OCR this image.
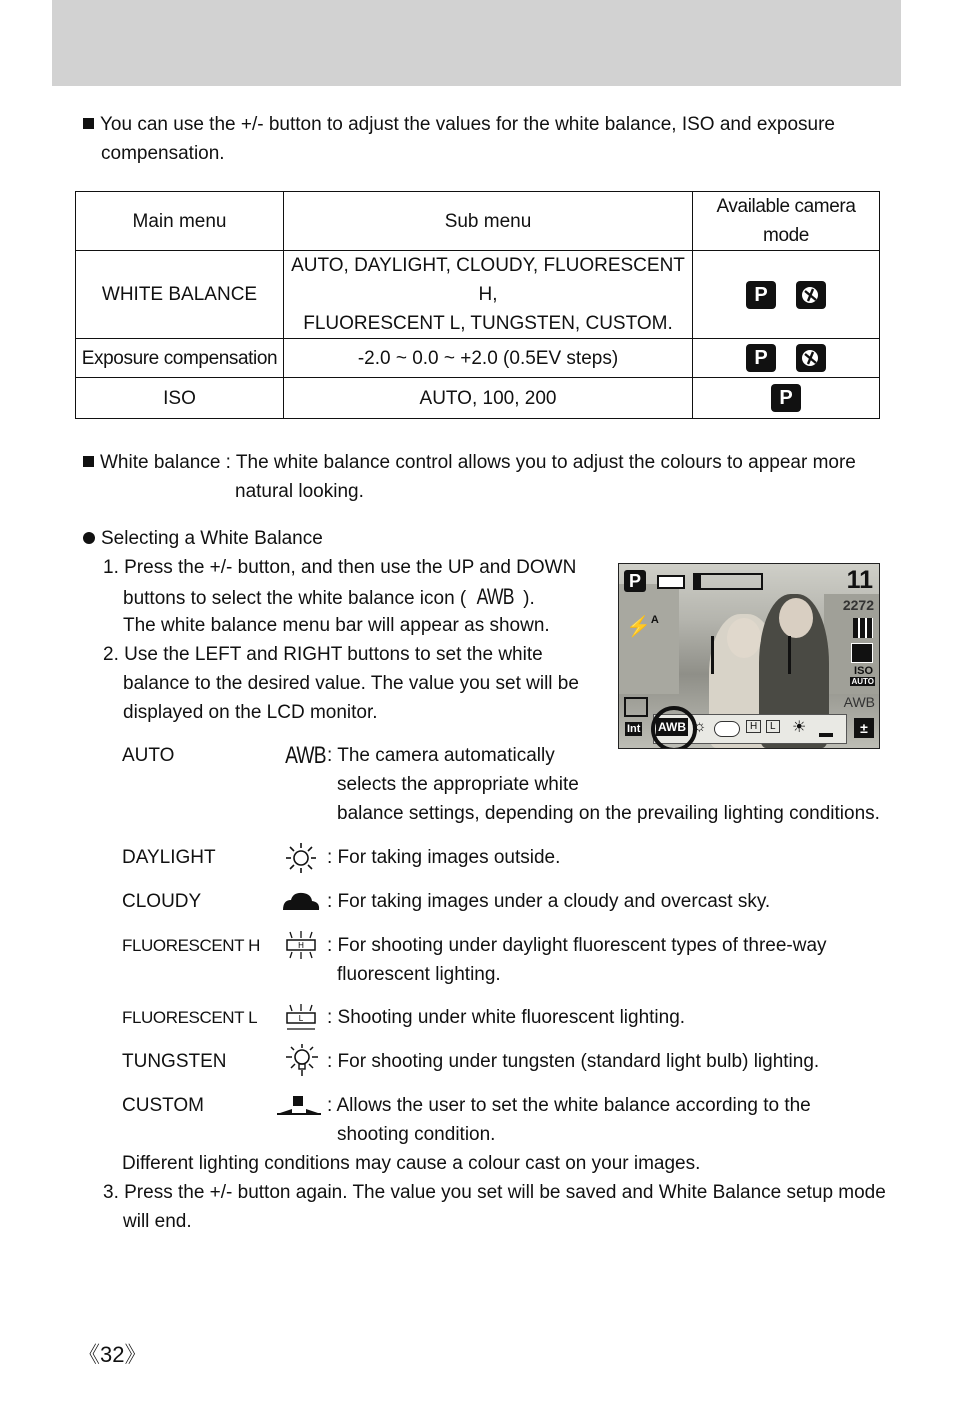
You can use the +/- button to adjust the values for the white balance, ISO and exposure
compensation.
Main menu	Sub menu	Available camera mode
WHITE BALANCE	AUTO, DAYLIGHT, CLOUDY, FLUORESCENT H,
FLUORESCENT L, TUNGSTEN, CUSTOM.	P

Exposure compensation	-2.0 ~ 0.0 ~ +2.0 (0.5EV steps)	P

ISO	AUTO, 100, 200	P
White balance : The white balance control allows you to adjust the colours to appear more
natural looking.
Selecting a White Balance
1. Press the +/- button, and then use the UP and DOWN
buttons to select the white balance icon ( AWB ).
The white balance menu bar will appear as shown.
2. Use the LEFT and RIGHT buttons to set the white
balance to the desired value. The value you set will be
displayed on the LCD monitor.
P	11
2272
⚡$^A$
ISO
AUTO
AWB
Int AWB ☼	H	L ☀	±
AUTO	AWB : The camera automatically
selects the appropriate white
balance settings, depending on the prevailing lighting conditions.
DAYLIGHT	: For taking images outside.
CLOUDY	: For taking images under a cloudy and overcast sky.
FLUORESCENT H	H : For shooting under daylight fluorescent types of three-way
fluorescent lighting.
FLUORESCENT L	L : Shooting under white fluorescent lighting.
TUNGSTEN	: For shooting under tungsten (standard light bulb) lighting.
CUSTOM	: Allows the user to set the white balance according to the
shooting condition.
Different lighting conditions may cause a colour cast on your images.
3. Press the +/- button again. The value you set will be saved and White Balance setup mode
will end.
《32》
